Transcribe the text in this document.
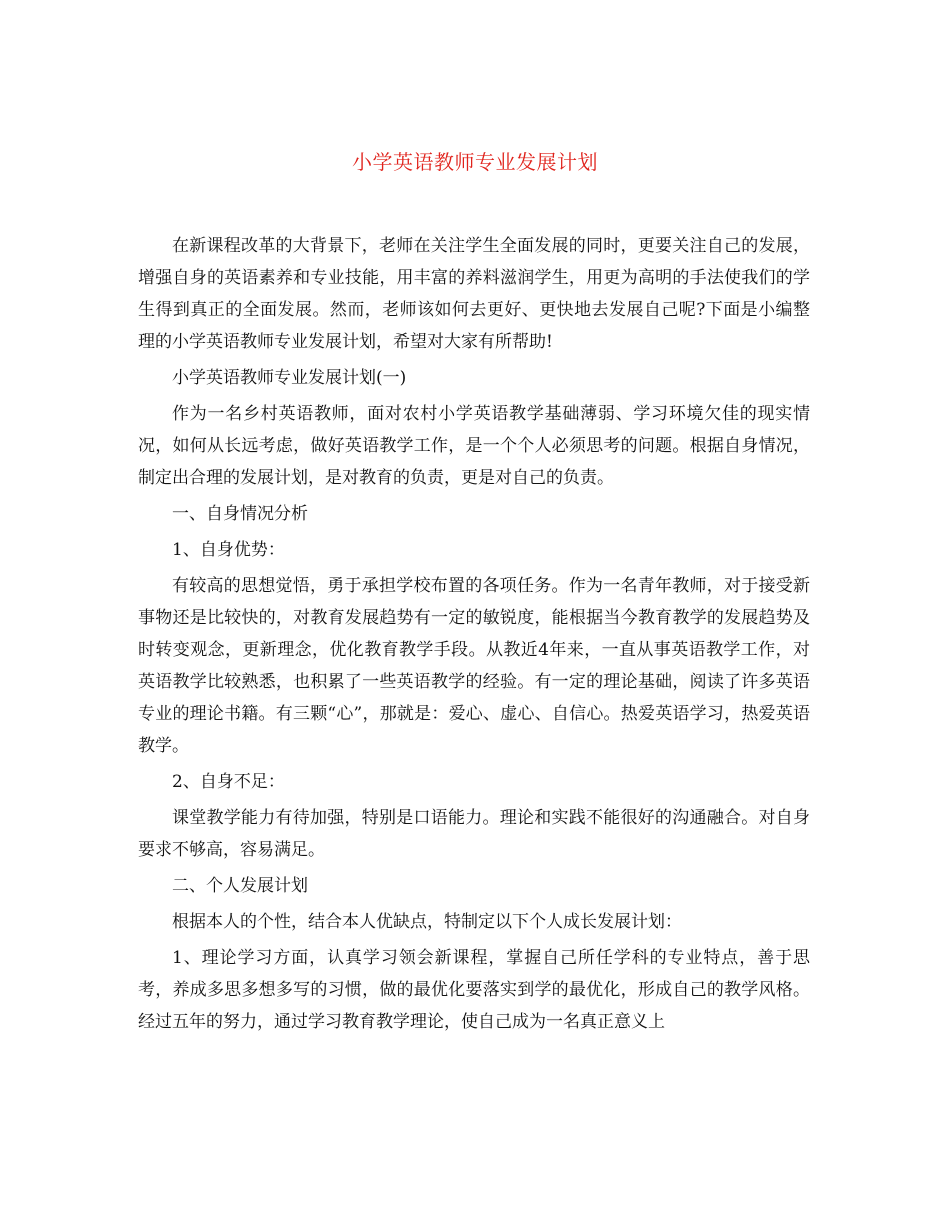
小学英语教师专业发展计划

在新课程改革的大背景下，老师在关注学生全面发展的同时，更要关注自己的发展，增强自身的英语素养和专业技能，用丰富的养料滋润学生，用更为高明的手法使我们的学生得到真正的全面发展。然而，老师该如何去更好、更快地去发展自己呢?下面是小编整理的小学英语教师专业发展计划，希望对大家有所帮助!

小学英语教师专业发展计划(一)

作为一名乡村英语教师，面对农村小学英语教学基础薄弱、学习环境欠佳的现实情况，如何从长远考虑，做好英语教学工作，是一个个人必须思考的问题。根据自身情况，制定出合理的发展计划，是对教育的负责，更是对自己的负责。

一、自身情况分析

1、自身优势：

有较高的思想觉悟，勇于承担学校布置的各项任务。作为一名青年教师，对于接受新事物还是比较快的，对教育发展趋势有一定的敏锐度，能根据当今教育教学的发展趋势及时转变观念，更新理念，优化教育教学手段。从教近4年来，一直从事英语教学工作，对英语教学比较熟悉，也积累了一些英语教学的经验。有一定的理论基础，阅读了许多英语专业的理论书籍。有三颗“心”，那就是：爱心、虚心、自信心。热爱英语学习，热爱英语教学。

2、自身不足：

课堂教学能力有待加强，特别是口语能力。理论和实践不能很好的沟通融合。对自身要求不够高，容易满足。

二、个人发展计划

根据本人的个性，结合本人优缺点，特制定以下个人成长发展计划：

1、理论学习方面，认真学习领会新课程，掌握自己所任学科的专业特点，善于思考，养成多思多想多写的习惯，做的最优化要落实到学的最优化，形成自己的教学风格。经过五年的努力，通过学习教育教学理论，使自己成为一名真正意义上
